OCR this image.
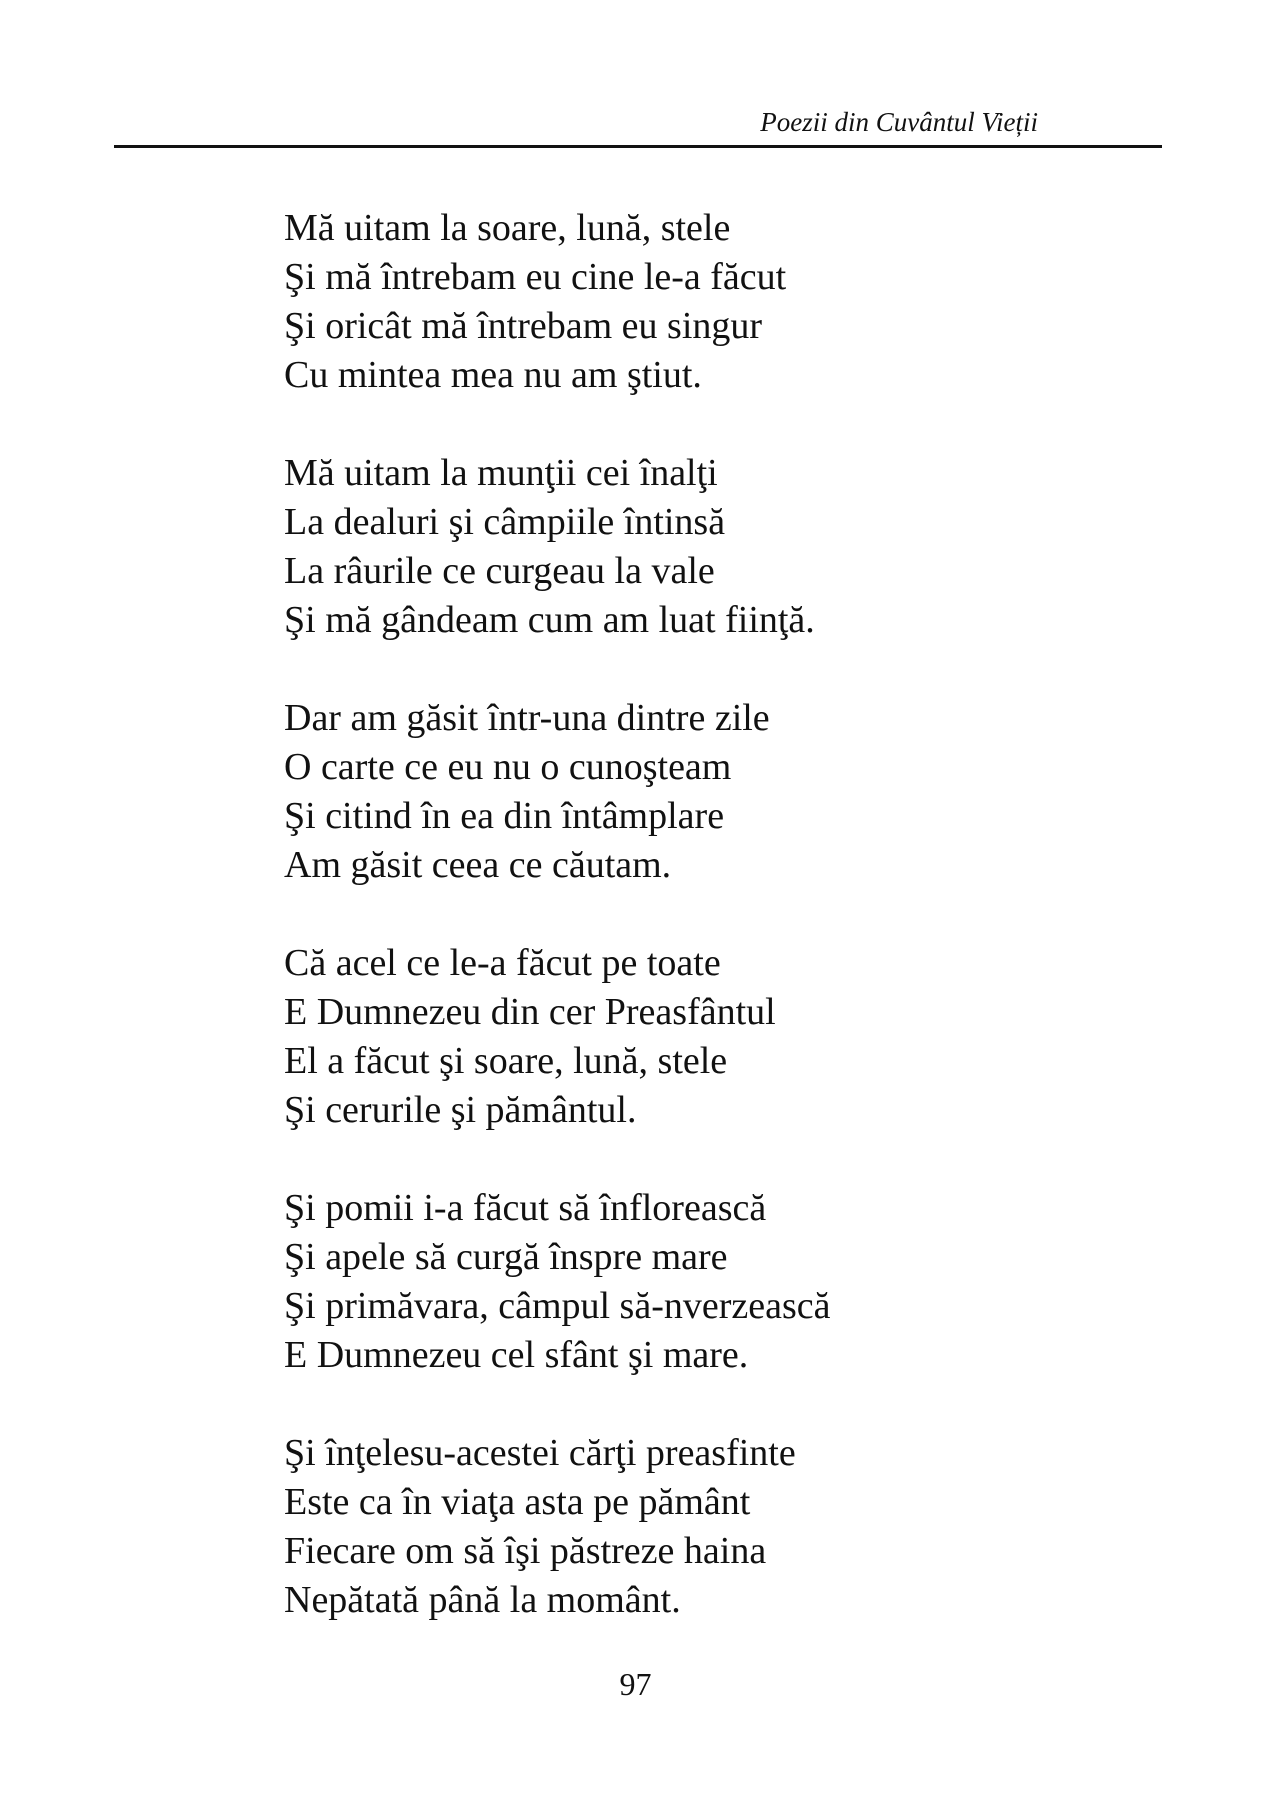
Poezii din Cuvântul Vieții
Mă uitam la soare, lună, stele
Şi mă întrebam eu cine le-a făcut
Şi oricât mă întrebam eu singur
Cu mintea mea nu am ştiut.
Mă uitam la munţii cei înalţi
La dealuri şi câmpiile întinsă
La râurile ce curgeau la vale
Şi mă gândeam cum am luat fiinţă.
Dar am găsit într-una dintre zile
O carte ce eu nu o cunoşteam
Şi citind în ea din întâmplare
Am găsit ceea ce căutam.
Că acel ce le-a făcut pe toate
E Dumnezeu din cer Preasfântul
El a făcut şi soare, lună, stele
Şi cerurile şi pământul.
Şi pomii i-a făcut să înflorească
Şi apele să curgă înspre mare
Şi primăvara, câmpul să-nverzească
E Dumnezeu cel sfânt şi mare.
Şi înţelesu-acestei cărţi preasfinte
Este ca în viaţa asta pe pământ
Fiecare om să îşi păstreze haina
Nepătată până la momânt.
97
